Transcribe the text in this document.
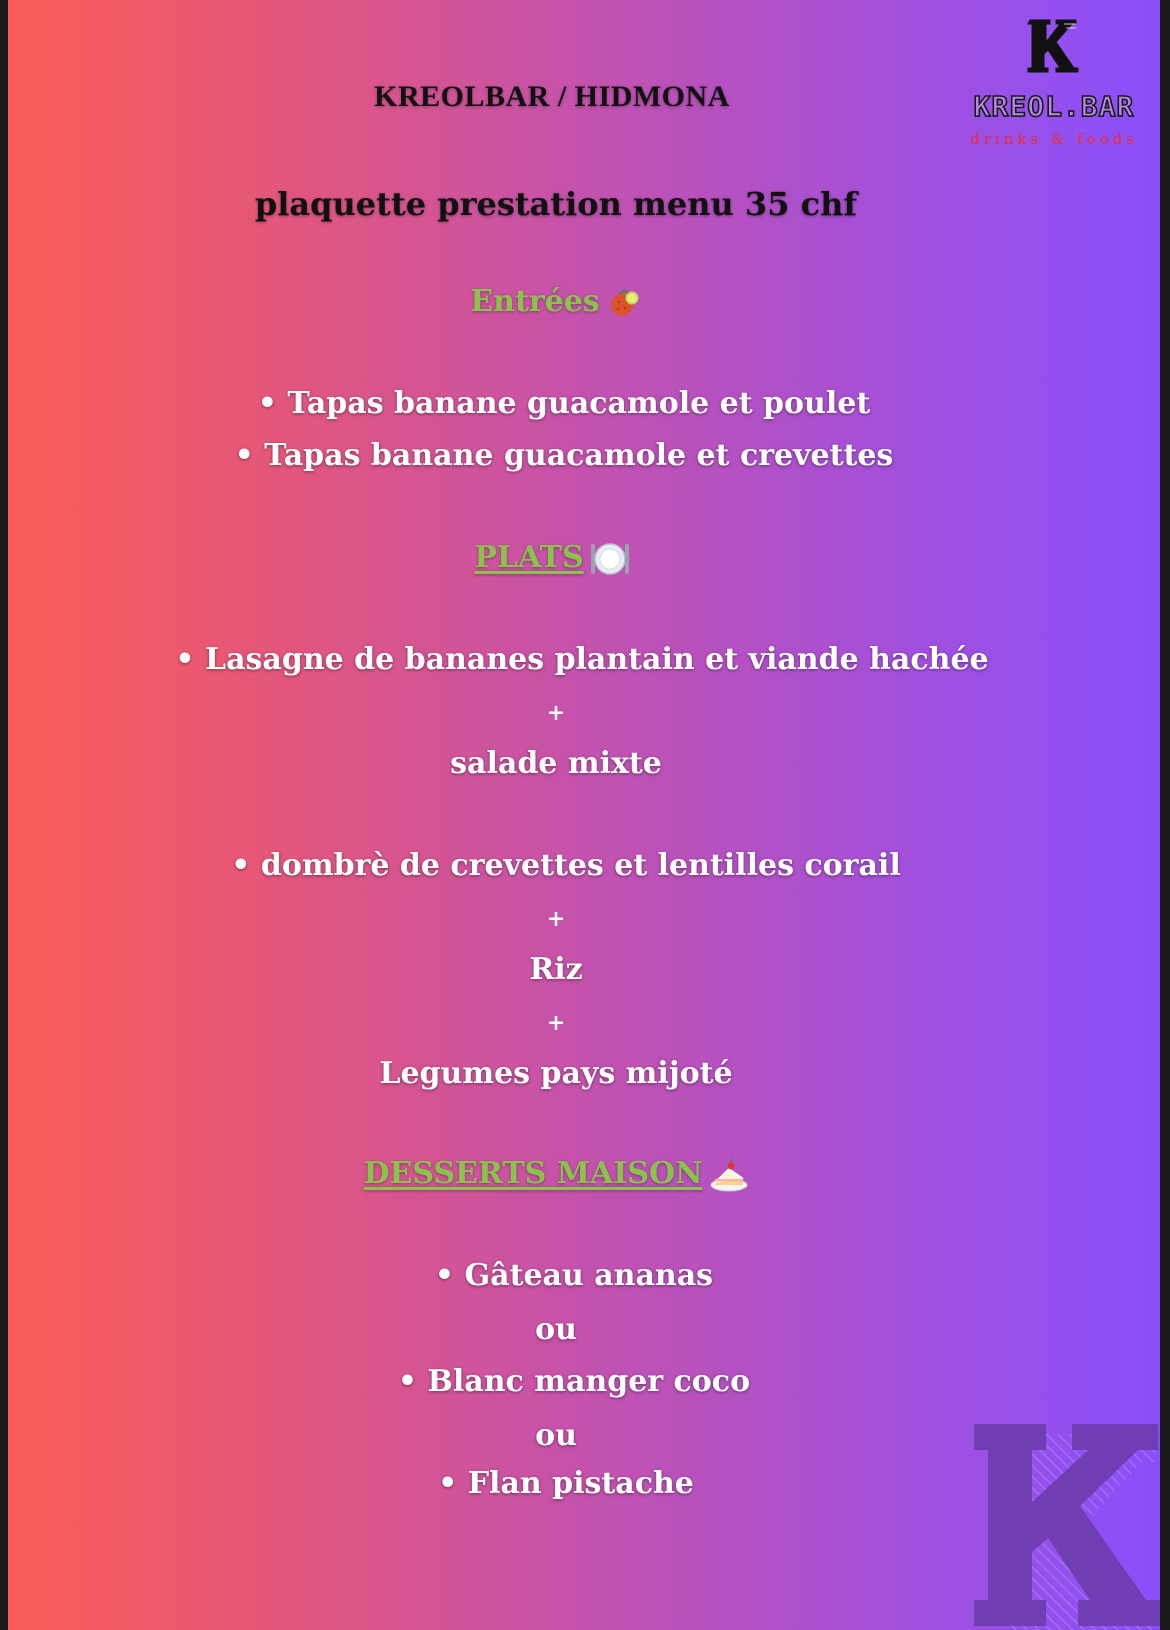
KREOL.BAR
drinks & foods
KREOLBAR / HIDMONA
plaquette prestation menu 35 chf
Entrées
• Tapas banane guacamole et poulet
• Tapas banane guacamole et crevettes
PLATS
• Lasagne de bananes plantain et viande hachée
+
salade mixte
• dombrè de crevettes et lentilles corail
+
Riz
+
Legumes pays mijoté
DESSERTS MAISON
• Gâteau ananas
ou
• Blanc manger coco
ou
• Flan pistache
